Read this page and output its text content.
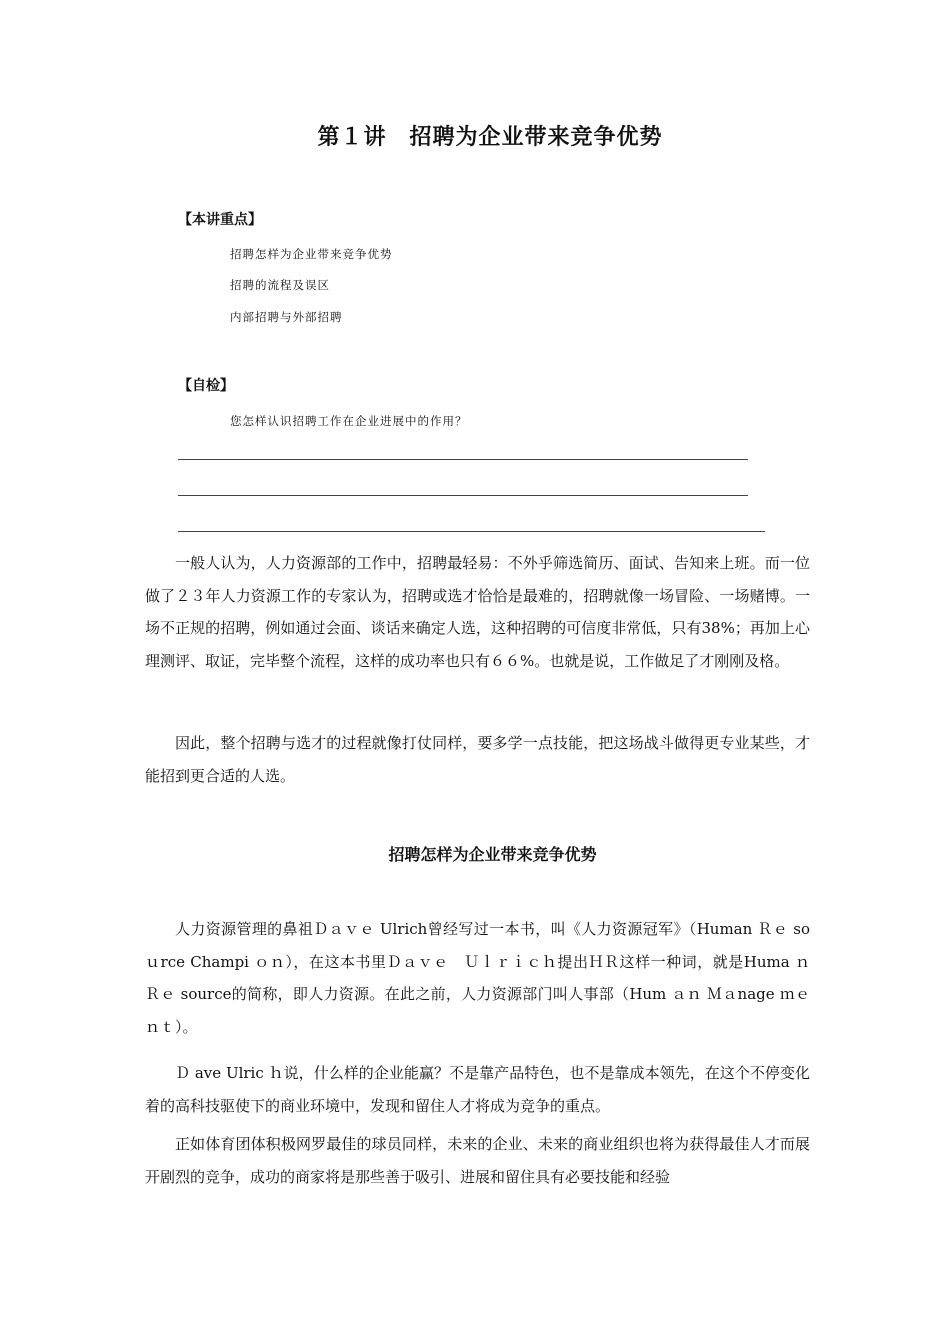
第１讲　招聘为企业带来竞争优势
【本讲重点】
招聘怎样为企业带来竞争优势
招聘的流程及误区
内部招聘与外部招聘
【自检】
您怎样认识招聘工作在企业进展中的作用？

一般人认为，人力资源部的工作中，招聘最轻易：不外乎筛选简历、面试、告知来上班。而一位做了２３年人力资源工作的专家认为，招聘或选才恰恰是最难的，招聘就像一场冒险、一场赌博。一场不正规的招聘，例如通过会面、谈话来确定人选，这种招聘的可信度非常低，只有38%；再加上心理测评、取证，完毕整个流程，这样的成功率也只有６６%。也就是说，工作做足了才刚刚及格。

因此，整个招聘与选才的过程就像打仗同样，要多学一点技能，把这场战斗做得更专业某些，才能招到更合适的人选。

招聘怎样为企业带来竞争优势

人力资源管理的鼻祖Ｄａｖｅ Ulrich曾经写过一本书，叫《人力资源冠军》（Human Ｒｅ so ｕrce Champi ｏｎ），在这本书里Ｄａｖｅ　Ｕｌｒｉｃｈ提出ＨＲ这样一种词，就是Huma ｎ Ｒｅ source的简称，即人力资源。在此之前，人力资源部门叫人事部（Hum ａｎ Ｍａnage ｍｅｎｔ）。

Ｄ ave Ulric ｈ说，什么样的企业能赢？不是靠产品特色，也不是靠成本领先，在这个不停变化着的高科技驱使下的商业环境中，发现和留住人才将成为竞争的重点。

正如体育团体积极网罗最佳的球员同样，未来的企业、未来的商业组织也将为获得最佳人才而展开剧烈的竞争，成功的商家将是那些善于吸引、进展和留住具有必要技能和经验
